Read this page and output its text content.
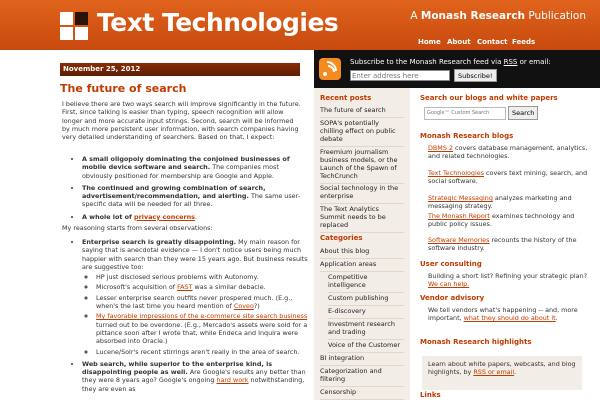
Text Technologies	A Monash Research Publication
Home About Contact Feeds
November 25, 2012
Subscribe to the Monash Research feed via RSS or email:
Enter address here
Subscribe!
The future of search
I believe there are two ways search will improve significantly in the future. First, since talking is easier than typing, speech recognition will allow longer and more accurate input strings. Second, search will be informed by much more persistent user information, with search companies having very detailed understanding of searchers. Based on that, I expect:
• A small oligopoly dominating the conjoined businesses of mobile device software and search. The companies most obviously positioned for membership are Google and Apple.
• The continued and growing combination of search, advertisement/recommendation, and alerting. The same user-specific data will be needed for all three.
• A whole lot of privacy concerns.
My reasoning starts from several observations:
• Enterprise search is greatly disappointing. My main reason for saying that is anecdotal evidence — I don't notice users being much happier with search than they were 15 years ago. But business results are suggestive too:
◦ HP just disclosed serious problems with Autonomy.
◦ Microsoft's acquisition of FAST was a similar debacle.
◦ Lesser enterprise search outfits never prospered much. (E.g., when's the last time you heard mention of Coveo?)
◦ My favorable impressions of the e-commerce site search business turned out to be overdone. (E.g., Mercado's assets were sold for a pittance soon after I wrote that, while Endeca and Inquira were absorbed into Oracle.)
◦ Lucene/Solr's recent stirrings aren't really in the area of search.
• Web search, while superior to the enterprise kind, is disappointing people as well. Are Google's results any better than they were 8 years ago? Google's ongoing hard work notwithstanding, they are even as
Recent posts
The future of search
SOPA's potentially chilling effect on public debate
Freemium journalism business models, or the Launch of the Spawn of TechCrunch
Social technology in the enterprise
The Text Analytics Summit needs to be replaced
Categories
About this blog
Application areas
Competitive intelligence
Custom publishing
E-discovery
Investment research and trading
Voice of the Customer
BI integration
Categorization and filtering
Censorship
Search our blogs and white papers
Google™ Custom Search	Search
Monash Research blogs
DBMS 2 covers database management, analytics, and related technologies.
Text Technologies covers text mining, search, and social software.
Strategic Messaging analyzes marketing and messaging strategy.
The Monash Report examines technology and public policy issues.
Software Memories recounts the history of the software industry.
User consulting
Building a short list? Refining your strategic plan? We can help.
Vendor advisory
We tell vendors what's happening -- and, more important, what they should do about it.
Monash Research highlights
Learn about white papers, webcasts, and blog highlights, by RSS or email.
Links
